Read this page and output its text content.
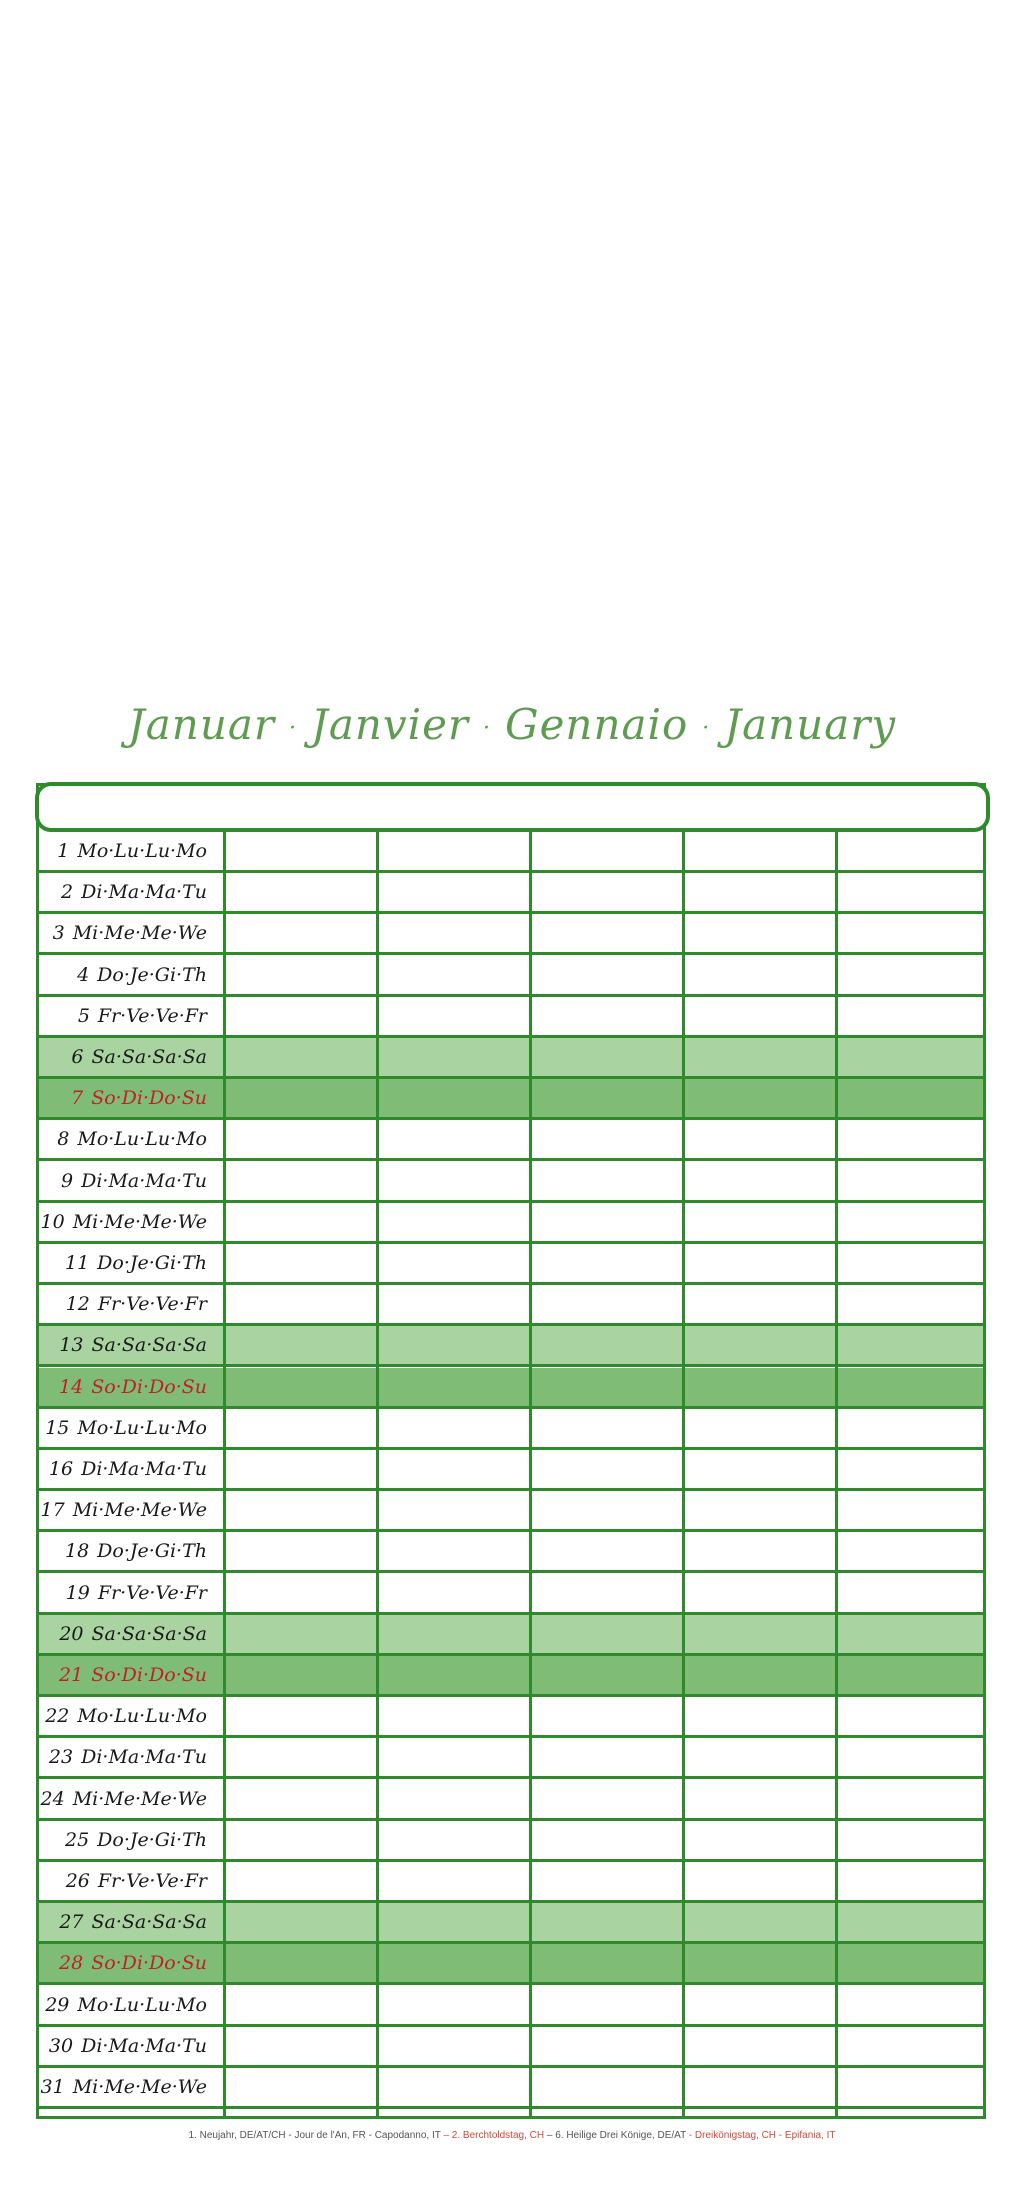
Januar · Janvier · Gennaio · January
1 Mo·Lu·Lu·Mo
2 Di·Ma·Ma·Tu
3 Mi·Me·Me·We
4 Do·Je·Gi·Th
5 Fr·Ve·Ve·Fr
6 Sa·Sa·Sa·Sa
7 So·Di·Do·Su
8 Mo·Lu·Lu·Mo
9 Di·Ma·Ma·Tu
10 Mi·Me·Me·We
11 Do·Je·Gi·Th
12 Fr·Ve·Ve·Fr
13 Sa·Sa·Sa·Sa
14 So·Di·Do·Su
15 Mo·Lu·Lu·Mo
16 Di·Ma·Ma·Tu
17 Mi·Me·Me·We
18 Do·Je·Gi·Th
19 Fr·Ve·Ve·Fr
20 Sa·Sa·Sa·Sa
21 So·Di·Do·Su
22 Mo·Lu·Lu·Mo
23 Di·Ma·Ma·Tu
24 Mi·Me·Me·We
25 Do·Je·Gi·Th
26 Fr·Ve·Ve·Fr
27 Sa·Sa·Sa·Sa
28 So·Di·Do·Su
29 Mo·Lu·Lu·Mo
30 Di·Ma·Ma·Tu
31 Mi·Me·Me·We
1. Neujahr, DE/AT/CH - Jour de l'An, FR - Capodanno, IT – 2. Berchtoldstag, CH – 6. Heilige Drei Könige, DE/AT - Dreikönigstag, CH - Epifania, IT
